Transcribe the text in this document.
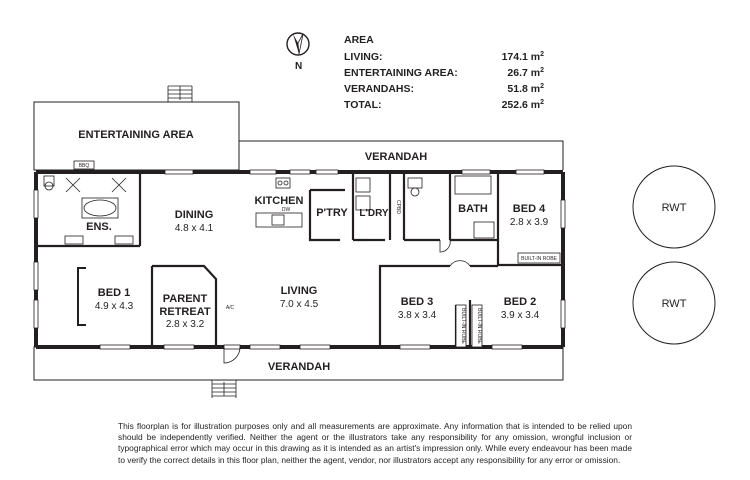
N
AREA
LIVING:	174.1 $m^2$
ENTERTAINING AREA:	26.7 $m^2$
VERANDAHS:	51.8 $m^2$
TOTAL:	252.6 $m^2$
ENTERTAINING AREA
VERANDAH
VERANDAH
DINING
4.8 x 4.1
KITCHEN
P'TRY L'DRY	BATH BED 4
2.8 x 3.9
ENS.
BED 1
4.9 x 4.3
PARENT
RETREAT
2.8 x 3.2
LIVING
7.0 x 4.5	BED 3
3.8 x 3.4
BED 2
3.9 x 3.4
BBQ
DW	CPBD
A/C
BUILT-IN ROBE
BUILT-IN ROBE BUILT-IN ROBE
RWT
RWT
This floorplan is for illustration purposes only and all measurements are approximate. Any information that is intended to be relied upon should be independently verified. Neither the agent or the illustrators take any responsibility for any omission, wrongful inclusion or typographical error which may occur in this drawing as it is intended as an artist's impression only. While every endeavour has been made to verify the correct details in this floor plan, neither the agent, vendor, nor illustrators accept any responsibility for any error or omission.
